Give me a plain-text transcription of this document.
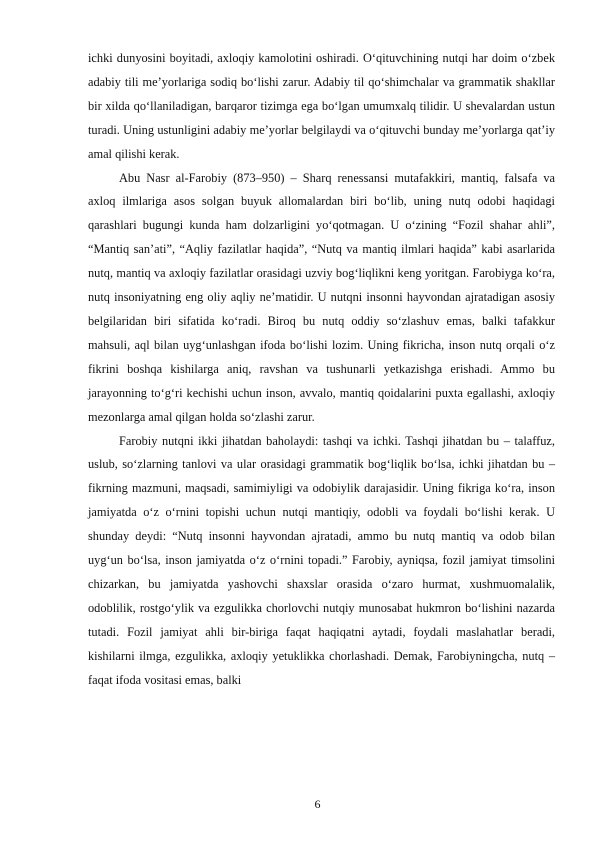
ichki dunyosini boyitadi, axloqiy kamolotini oshiradi. O‘qituvchining nutqi har doim o‘zbek adabiy tili me’yorlariga sodiq bo‘lishi zarur. Adabiy til qo‘shimchalar va grammatik shakllar bir xilda qo‘llaniladigan, barqaror tizimga ega bo‘lgan umumxalq tilidir. U shevalardan ustun turadi. Uning ustunligini adabiy me’yorlar belgilaydi va o‘qituvchi bunday me’yorlarga qat’iy amal qilishi kerak.

Abu Nasr al-Farobiy (873–950) – Sharq renessansi mutafakkiri, mantiq, falsafa va axloq ilmlariga asos solgan buyuk allomalardan biri bo‘lib, uning nutq odobi haqidagi qarashlari bugungi kunda ham dolzarligini yo‘qotmagan. U o‘zining “Fozil shahar ahli”, “Mantiq san’ati”, “Aqliy fazilatlar haqida”, “Nutq va mantiq ilmlari haqida” kabi asarlarida nutq, mantiq va axloqiy fazilatlar orasidagi uzviy bog‘liqlikni keng yoritgan. Farobiyga ko‘ra, nutq insoniyatning eng oliy aqliy ne’matidir. U nutqni insonni hayvondan ajratadigan asosiy belgilaridan biri sifatida ko‘radi. Biroq bu nutq oddiy so‘zlashuv emas, balki tafakkur mahsuli, aql bilan uyg‘unlashgan ifoda bo‘lishi lozim. Uning fikricha, inson nutq orqali o‘z fikrini boshqa kishilarga aniq, ravshan va tushunarli yetkazishga erishadi. Ammo bu jarayonning to‘g‘ri kechishi uchun inson, avvalo, mantiq qoidalarini puxta egallashi, axloqiy mezonlarga amal qilgan holda so‘zlashi zarur.

Farobiy nutqni ikki jihatdan baholaydi: tashqi va ichki. Tashqi jihatdan bu – talaffuz, uslub, so‘zlarning tanlovi va ular orasidagi grammatik bog‘liqlik bo‘lsa, ichki jihatdan bu – fikrning mazmuni, maqsadi, samimiyligi va odobiylik darajasidir. Uning fikriga ko‘ra, inson jamiyatda o‘z o‘rnini topishi uchun nutqi mantiqiy, odobli va foydali bo‘lishi kerak. U shunday deydi: “Nutq insonni hayvondan ajratadi, ammo bu nutq mantiq va odob bilan uyg‘un bo‘lsa, inson jamiyatda o‘z o‘rnini topadi.” Farobiy, ayniqsa, fozil jamiyat timsolini chizarkan, bu jamiyatda yashovchi shaxslar orasida o‘zaro hurmat, xushmuomalalik, odoblilik, rostgo‘ylik va ezgulikka chorlovchi nutqiy munosabat hukmron bo‘lishini nazarda tutadi. Fozil jamiyat ahli bir-biriga faqat haqiqatni aytadi, foydali maslahatlar beradi, kishilarni ilmga, ezgulikka, axloqiy yetuklikka chorlashadi. Demak, Farobiyningcha, nutq – faqat ifoda vositasi emas, balki

6
